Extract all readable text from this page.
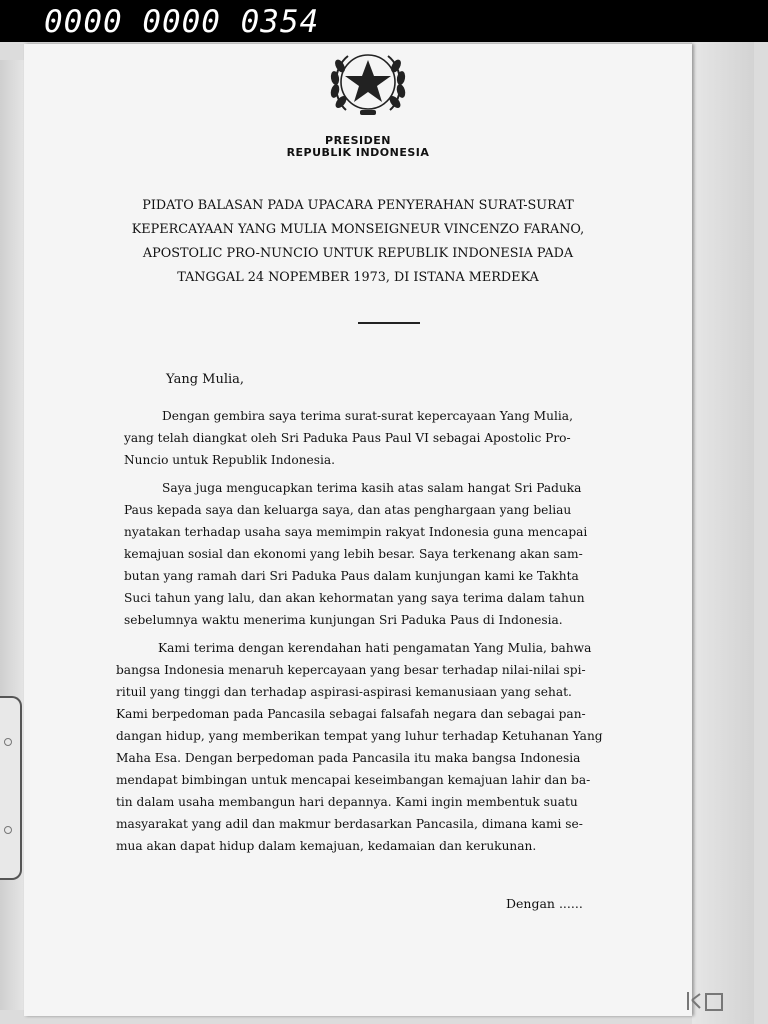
0000 0000 0354
PRESIDEN
REPUBLIK INDONESIA
PIDATO BALASAN PADA UPACARA PENYERAHAN SURAT-SURAT
KEPERCAYAAN YANG MULIA MONSEIGNEUR VINCENZO FARANO,
APOSTOLIC PRO-NUNCIO UNTUK REPUBLIK INDONESIA PADA
TANGGAL 24 NOPEMBER 1973, DI ISTANA MERDEKA
Yang Mulia,
Dengan gembira saya terima surat-surat kepercayaan Yang Mulia,
yang telah diangkat oleh Sri Paduka Paus Paul VI sebagai Apostolic Pro-
Nuncio untuk Republik Indonesia.
Saya juga mengucapkan terima kasih atas salam hangat Sri Paduka
Paus kepada saya dan keluarga saya, dan atas penghargaan yang beliau
nyatakan terhadap usaha saya memimpin rakyat Indonesia guna mencapai
kemajuan sosial dan ekonomi yang lebih besar. Saya terkenang akan sam-
butan yang ramah dari Sri Paduka Paus dalam kunjungan kami ke Takhta
Suci tahun yang lalu, dan akan kehormatan yang saya terima dalam tahun
sebelumnya waktu menerima kunjungan Sri Paduka Paus di Indonesia.
Kami terima dengan kerendahan hati pengamatan Yang Mulia, bahwa
bangsa Indonesia menaruh kepercayaan yang besar terhadap nilai-nilai spi-
rituil yang tinggi dan terhadap aspirasi-aspirasi kemanusiaan yang sehat.
Kami berpedoman pada Pancasila sebagai falsafah negara dan sebagai pan-
dangan hidup, yang memberikan tempat yang luhur terhadap Ketuhanan Yang
Maha Esa. Dengan berpedoman pada Pancasila itu maka bangsa Indonesia
mendapat bimbingan untuk mencapai keseimbangan kemajuan lahir dan ba-
tin dalam usaha membangun hari depannya. Kami ingin membentuk suatu
masyarakat yang adil dan makmur berdasarkan Pancasila, dimana kami se-
mua akan dapat hidup dalam kemajuan, kedamaian dan kerukunan.
Dengan ......
